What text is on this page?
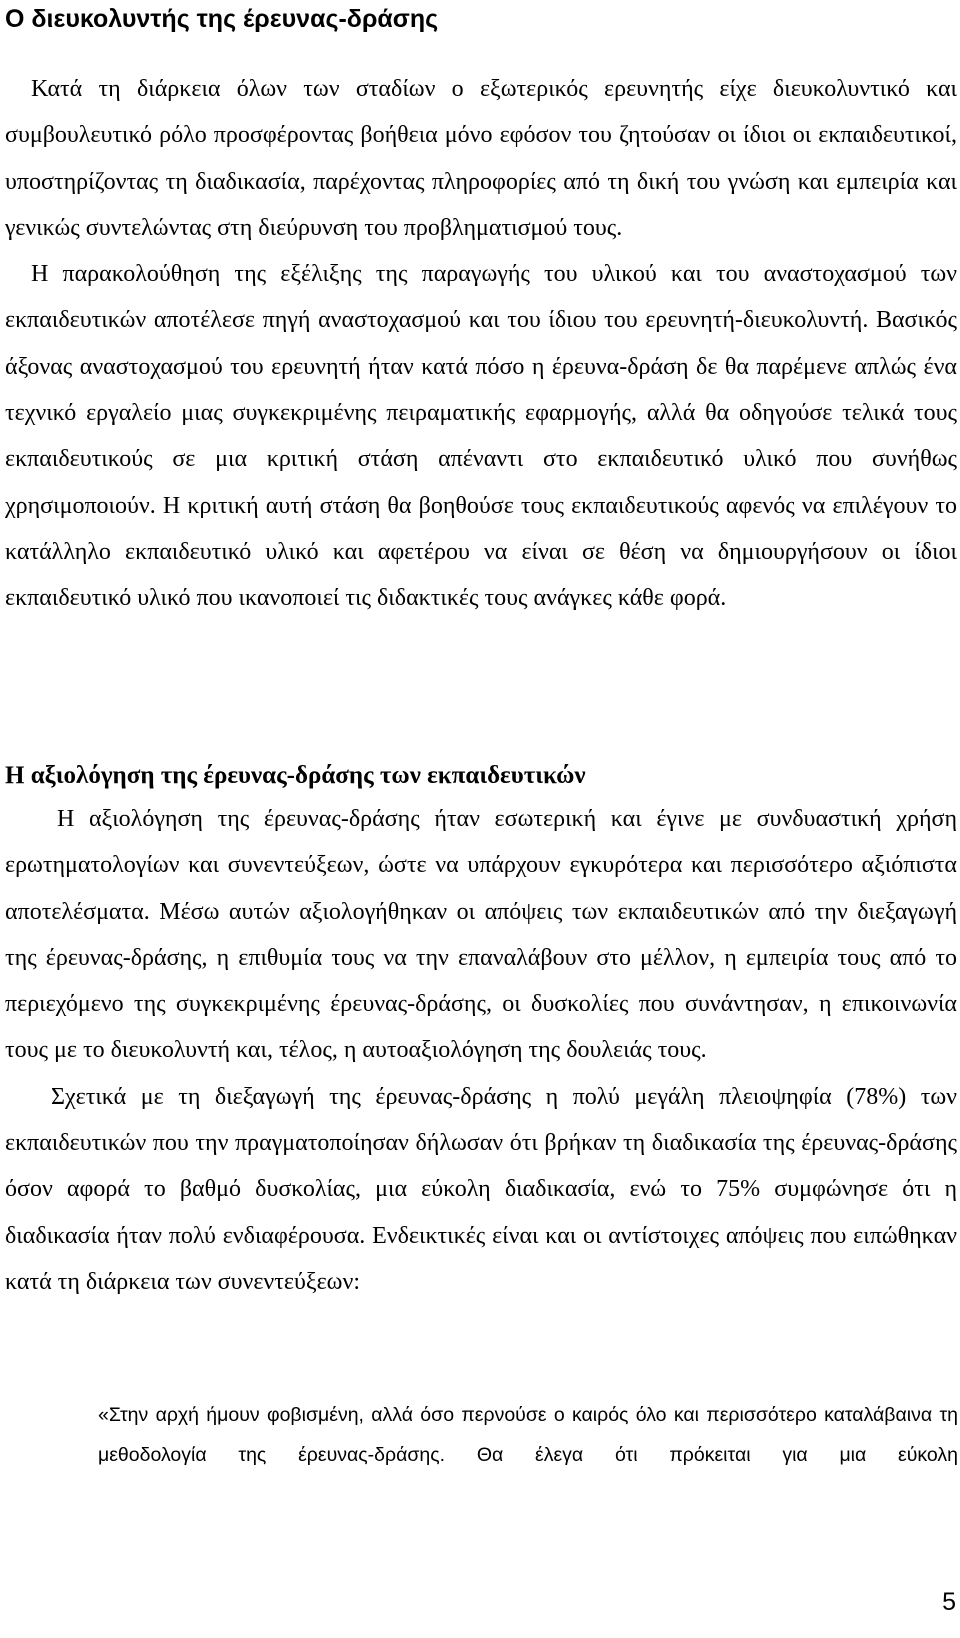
Ο διευκολυντής της έρευνας-δράσης

Κατά τη διάρκεια όλων των σταδίων ο εξωτερικός ερευνητής είχε διευκολυντικό και συμβουλευτικό ρόλο προσφέροντας βοήθεια μόνο εφόσον του ζητούσαν οι ίδιοι οι εκπαιδευτικοί, υποστηρίζοντας τη διαδικασία, παρέχοντας πληροφορίες από τη δική του γνώση και εμπειρία και γενικώς συντελώντας στη διεύρυνση του προβληματισμού τους.

Η παρακολούθηση της εξέλιξης της παραγωγής του υλικού και του αναστοχασμού των εκπαιδευτικών αποτέλεσε πηγή αναστοχασμού και του ίδιου του ερευνητή-διευκολυντή. Βασικός άξονας αναστοχασμού του ερευνητή ήταν κατά πόσο η έρευνα-δράση δε θα παρέμενε απλώς ένα τεχνικό εργαλείο μιας συγκεκριμένης πειραματικής εφαρμογής, αλλά θα οδηγούσε τελικά τους εκπαιδευτικούς σε μια κριτική στάση απέναντι στο εκπαιδευτικό υλικό που συνήθως χρησιμοποιούν. Η κριτική αυτή στάση θα βοηθούσε τους εκπαιδευτικούς αφενός να επιλέγουν το κατάλληλο εκπαιδευτικό υλικό και αφετέρου να είναι σε θέση να δημιουργήσουν οι ίδιοι εκπαιδευτικό υλικό που ικανοποιεί τις διδακτικές τους ανάγκες κάθε φορά.

Η αξιολόγηση της έρευνας-δράσης των εκπαιδευτικών

Η αξιολόγηση της έρευνας-δράσης ήταν εσωτερική και έγινε με συνδυαστική χρήση ερωτηματολογίων και συνεντεύξεων, ώστε να υπάρχουν εγκυρότερα και περισσότερο αξιόπιστα αποτελέσματα. Μέσω αυτών αξιολογήθηκαν οι απόψεις των εκπαιδευτικών από την διεξαγωγή της έρευνας-δράσης, η επιθυμία τους να την επαναλάβουν στο μέλλον, η εμπειρία τους από το περιεχόμενο της συγκεκριμένης έρευνας-δράσης, οι δυσκολίες που συνάντησαν, η επικοινωνία τους με το διευκολυντή και, τέλος, η αυτοαξιολόγηση της δουλειάς τους.

Σχετικά με τη διεξαγωγή της έρευνας-δράσης η πολύ μεγάλη πλειοψηφία (78%) των εκπαιδευτικών που την πραγματοποίησαν δήλωσαν ότι βρήκαν τη διαδικασία της έρευνας-δράσης όσον αφορά το βαθμό δυσκολίας, μια εύκολη διαδικασία, ενώ το 75% συμφώνησε ότι η διαδικασία ήταν πολύ ενδιαφέρουσα. Ενδεικτικές είναι και οι αντίστοιχες απόψεις που ειπώθηκαν κατά τη διάρκεια των συνεντεύξεων:

«Στην αρχή ήμουν φοβισμένη, αλλά όσο περνούσε ο καιρός όλο και περισσότερο καταλάβαινα τη μεθοδολογία της έρευνας-δράσης. Θα έλεγα ότι πρόκειται για μια εύκολη

5
